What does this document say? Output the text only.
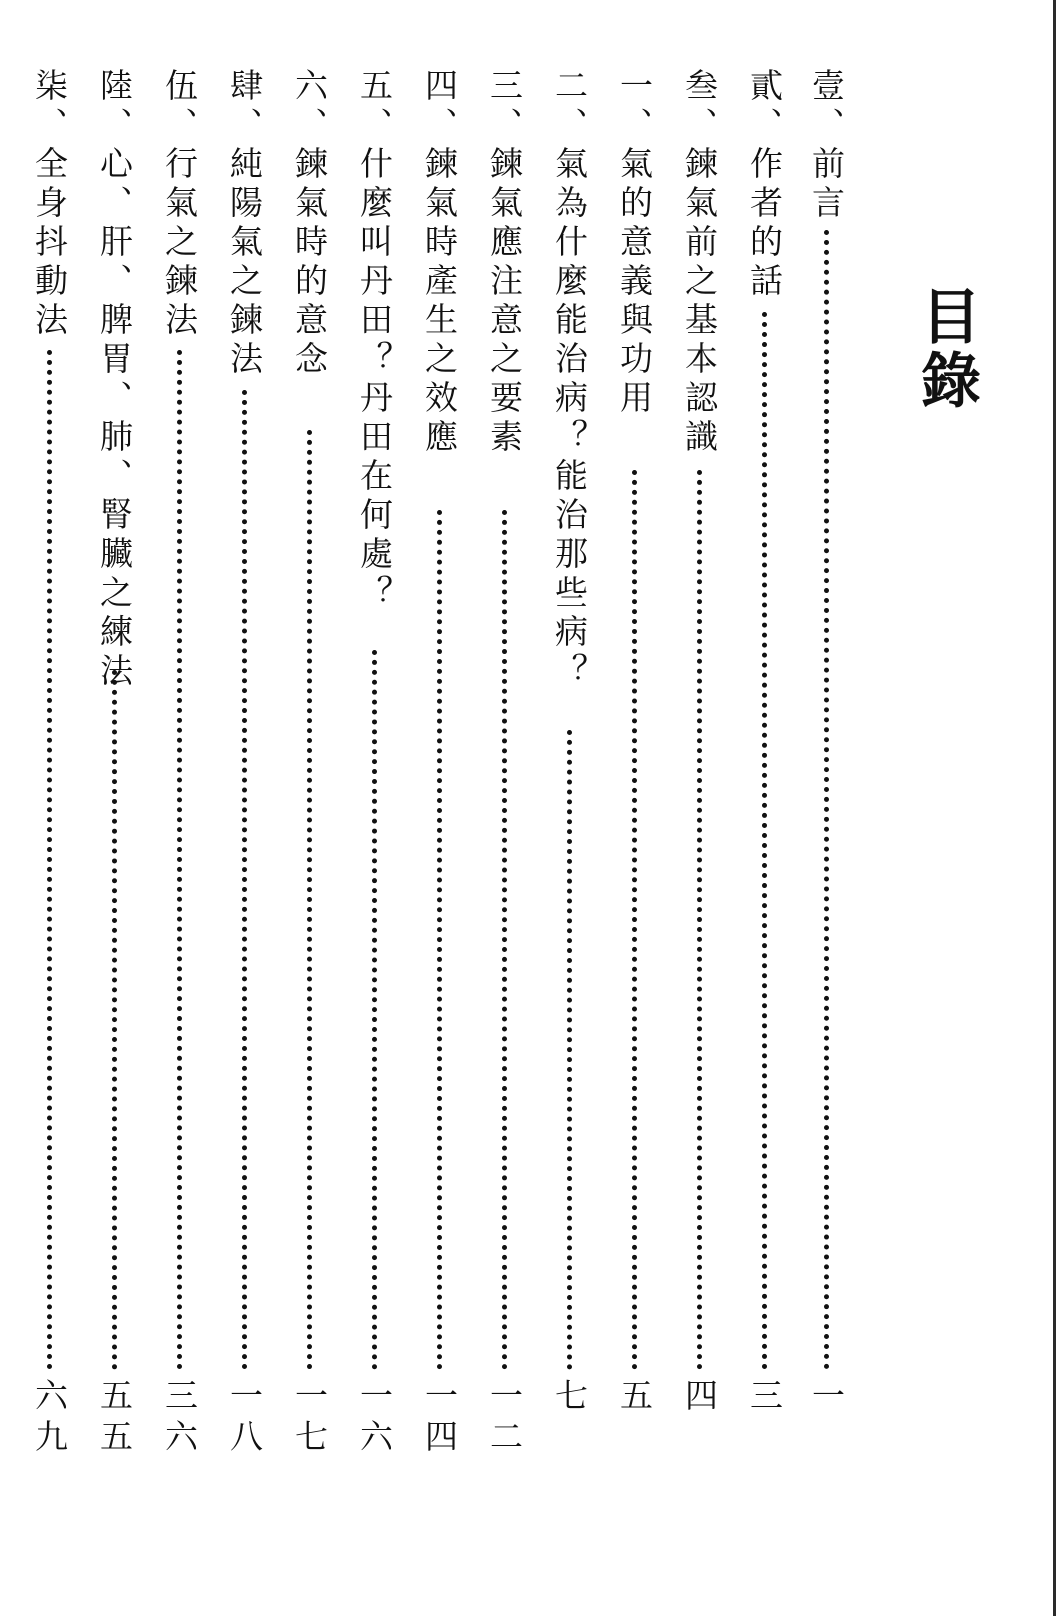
目錄
壹、前言
一
貳、作者的話
三
叁、鍊氣前之基本認識
四
一、氣的意義與功用
五
二、氣為什麼能治病？能治那些病？
七
三、鍊氣應注意之要素
一二
四、鍊氣時產生之效應
一四
五、什麼叫丹田？丹田在何處？
一六
六、鍊氣時的意念
一七
肆、純陽氣之鍊法
一八
伍、行氣之鍊法
三六
陸、心、肝、脾胃、肺、腎臟之練法
五五
柒、全身抖動法
六九
